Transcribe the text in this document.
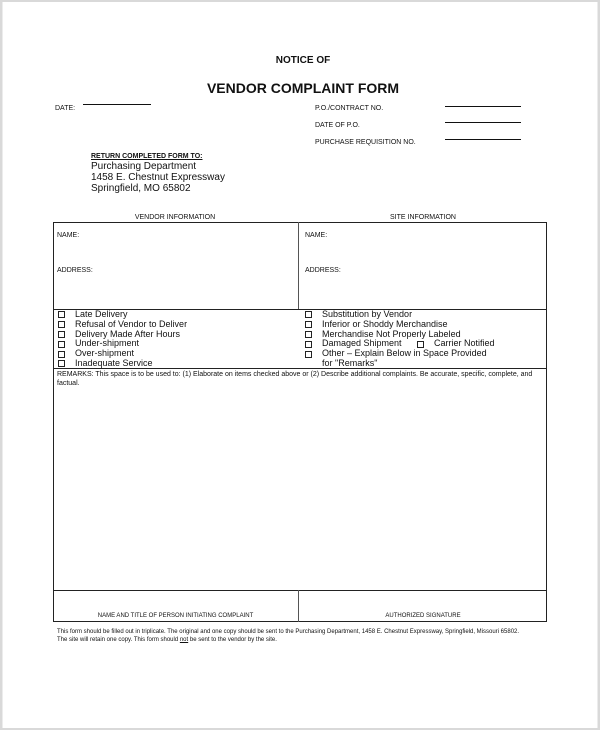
NOTICE OF
VENDOR COMPLAINT FORM
DATE:	P.O./CONTRACT NO.
DATE OF P.O.
PURCHASE REQUISITION NO.
RETURN COMPLETED FORM TO:
Purchasing Department
1458 E. Chestnut Expressway
Springfield, MO 65802
VENDOR INFORMATION	SITE INFORMATION
NAME:
ADDRESS:
NAME:
ADDRESS:
Late Delivery
Refusal of Vendor to Deliver
Delivery Made After Hours
Under-shipment
Over-shipment
Inadequate Service
Substitution by Vendor
Inferior or Shoddy Merchandise
Merchandise Not Properly Labeled
Damaged Shipment	Carrier Notified
Other – Explain Below in Space Provided
for "Remarks"
REMARKS: This space is to be used to: (1) Elaborate on items checked above or (2) Describe additional complaints. Be accurate, specific, complete, and factual.
NAME AND TITLE OF PERSON INITIATING COMPLAINT	AUTHORIZED SIGNATURE
This form should be filled out in triplicate. The original and one copy should be sent to the Purchasing Department, 1458 E. Chestnut Expressway, Springfield, Missouri 65802.
The site will retain one copy. This form should not be sent to the vendor by the site.
